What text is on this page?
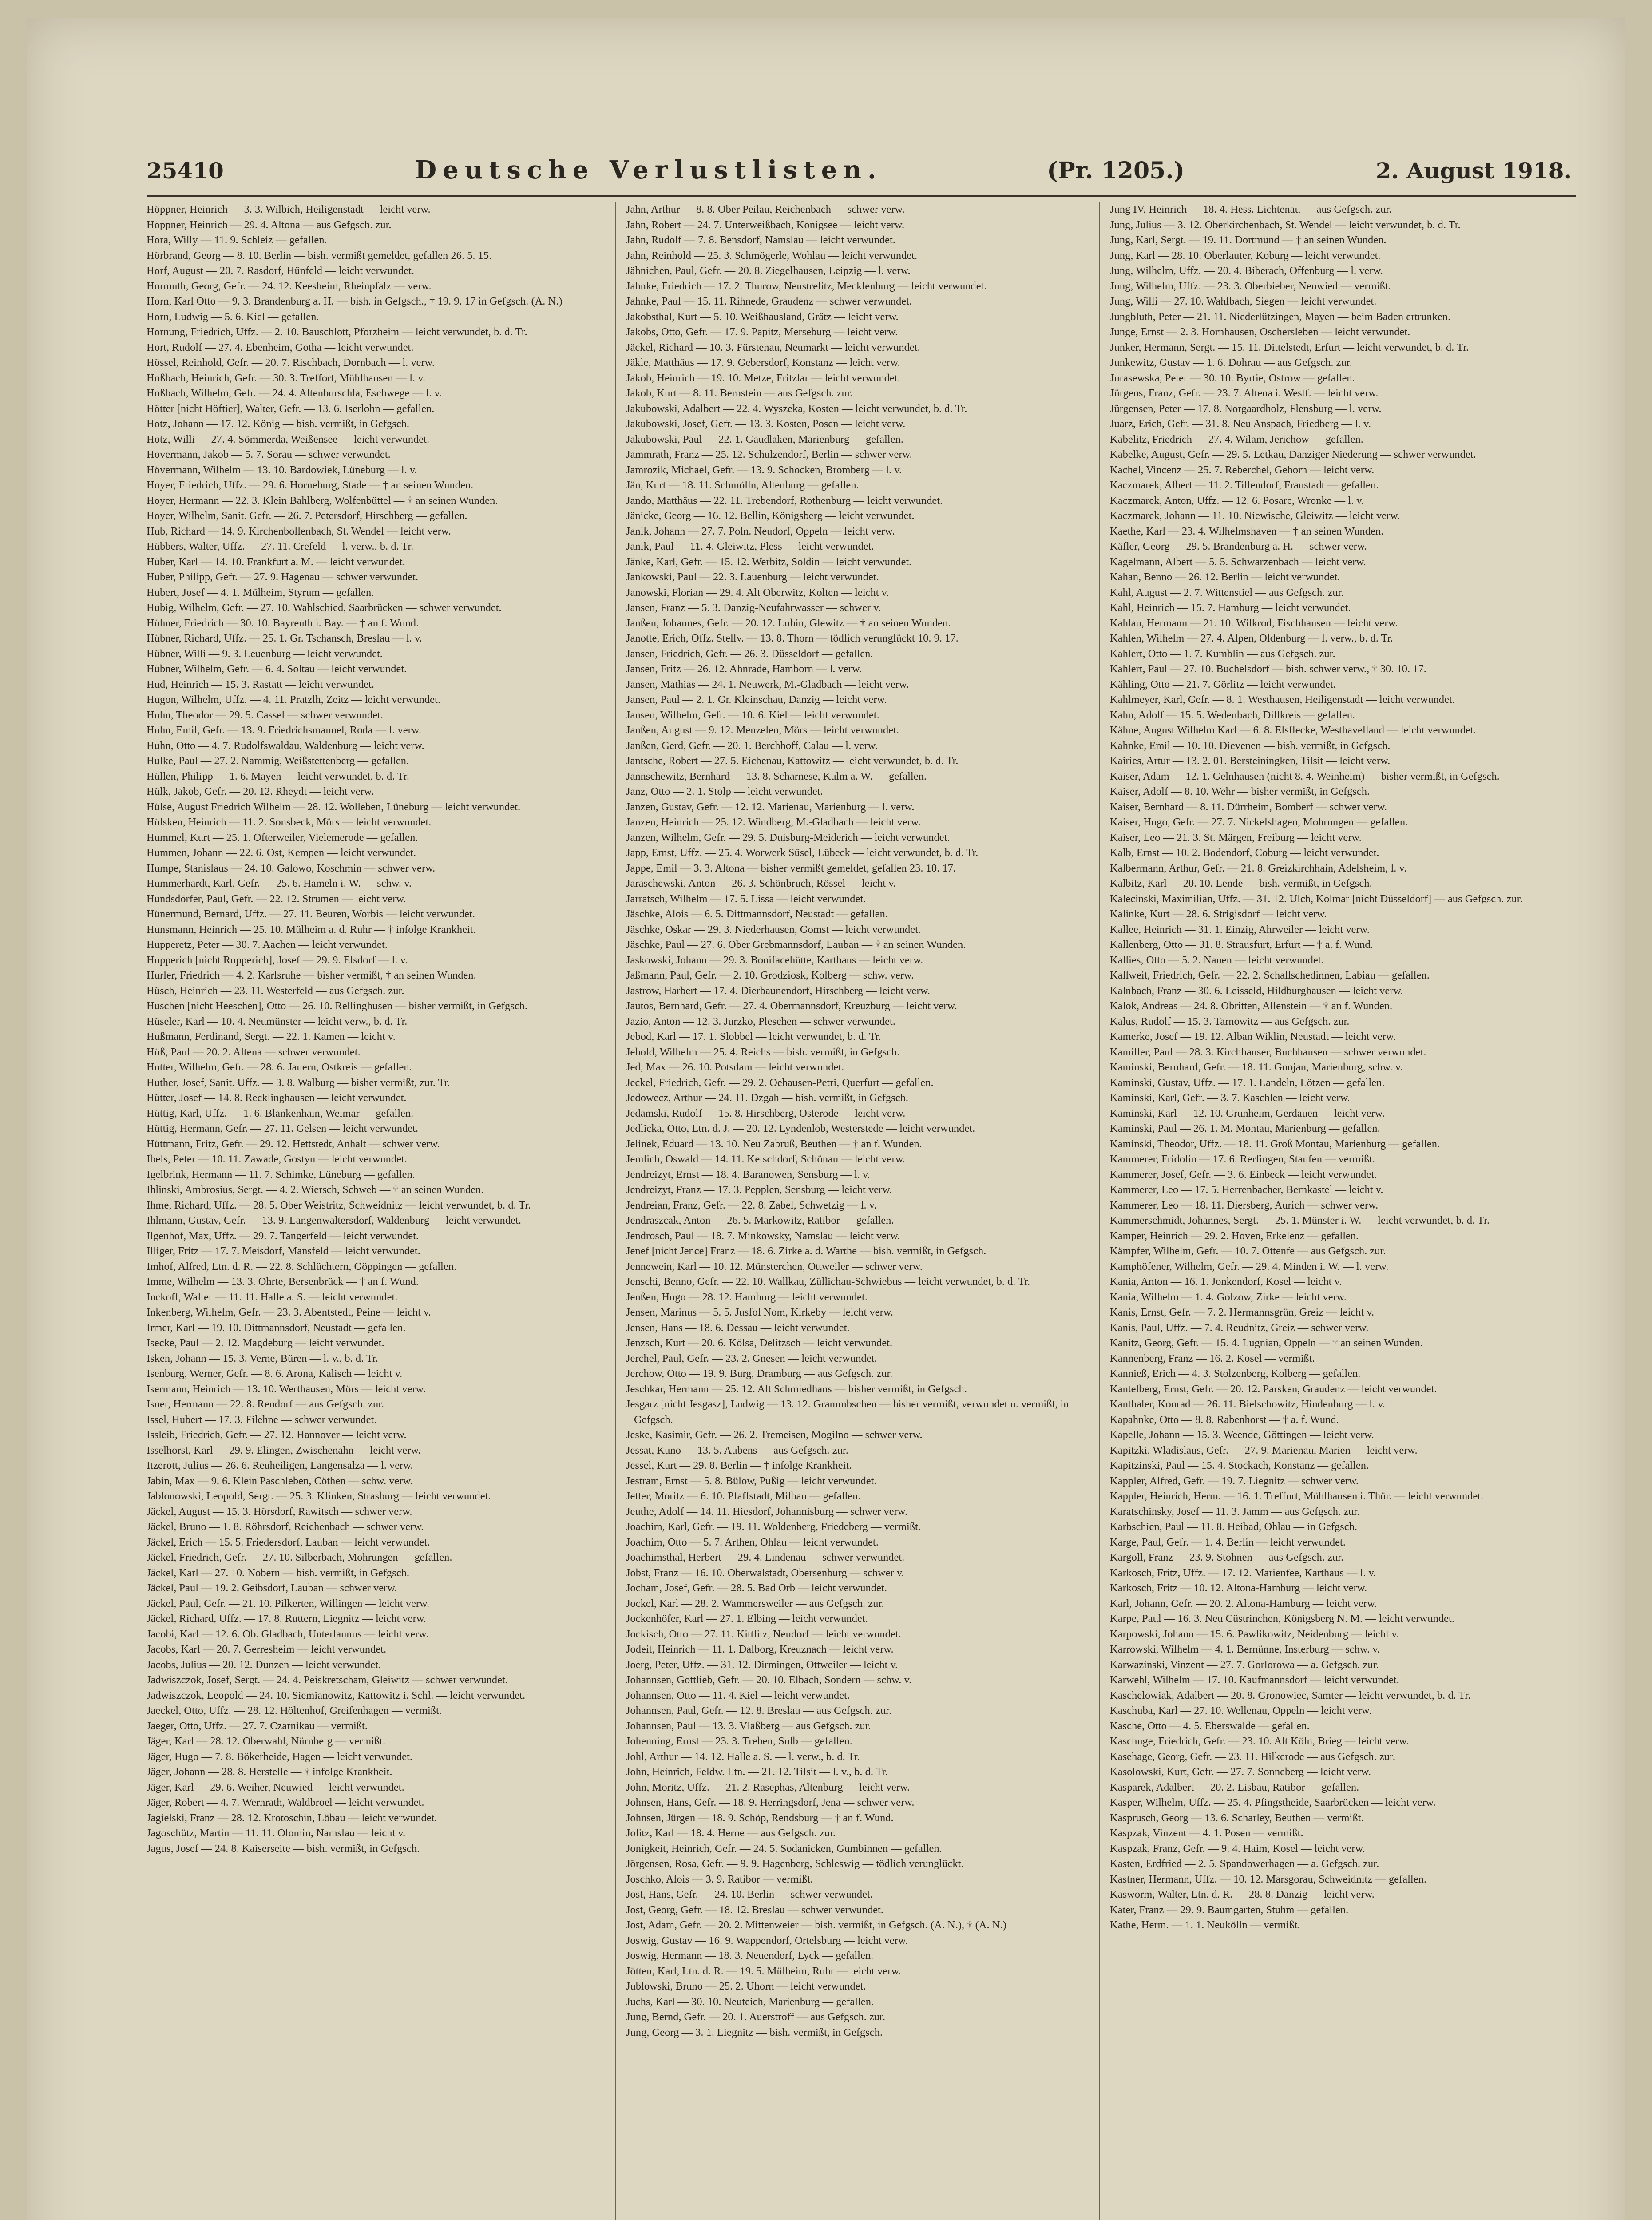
25410	Deutsche Verlustlisten.	(Pr. 1205.)	2. August 1918.
Höppner, Heinrich — 3. 3. Wilbich, Heiligenstadt — leicht verw.
Höppner, Heinrich — 29. 4. Altona — aus Gefgsch. zur.
Hora, Willy — 11. 9. Schleiz — gefallen.
Hörbrand, Georg — 8. 10. Berlin — bish. vermißt gemeldet, gefallen 26. 5. 15.
Horf, August — 20. 7. Rasdorf, Hünfeld — leicht verwundet.
Hormuth, Georg, Gefr. — 24. 12. Keesheim, Rheinpfalz — verw.
Horn, Karl Otto — 9. 3. Brandenburg a. H. — bish. in Gefgsch., † 19. 9. 17 in Gefgsch. (A. N.)
Horn, Ludwig — 5. 6. Kiel — gefallen.
Hornung, Friedrich, Uffz. — 2. 10. Bauschlott, Pforzheim — leicht verwundet, b. d. Tr.
Hort, Rudolf — 27. 4. Ebenheim, Gotha — leicht verwundet.
Hössel, Reinhold, Gefr. — 20. 7. Rischbach, Dornbach — l. verw.
Hoßbach, Heinrich, Gefr. — 30. 3. Treffort, Mühlhausen — l. v.
Hoßbach, Wilhelm, Gefr. — 24. 4. Altenburschla, Eschwege — l. v.
Hötter [nicht Höftier], Walter, Gefr. — 13. 6. Iserlohn — gefallen.
Hotz, Johann — 17. 12. König — bish. vermißt, in Gefgsch.
Hotz, Willi — 27. 4. Sömmerda, Weißensee — leicht verwundet.
Hovermann, Jakob — 5. 7. Sorau — schwer verwundet.
Hövermann, Wilhelm — 13. 10. Bardowiek, Lüneburg — l. v.
Hoyer, Friedrich, Uffz. — 29. 6. Horneburg, Stade — † an seinen Wunden.
Hoyer, Hermann — 22. 3. Klein Bahlberg, Wolfenbüttel — † an seinen Wunden.
Hoyer, Wilhelm, Sanit. Gefr. — 26. 7. Petersdorf, Hirschberg — gefallen.
Hub, Richard — 14. 9. Kirchenbollenbach, St. Wendel — leicht verw.
Hübbers, Walter, Uffz. — 27. 11. Crefeld — l. verw., b. d. Tr.
Hüber, Karl — 14. 10. Frankfurt a. M. — leicht verwundet.
Huber, Philipp, Gefr. — 27. 9. Hagenau — schwer verwundet.
Hubert, Josef — 4. 1. Mülheim, Styrum — gefallen.
Hubig, Wilhelm, Gefr. — 27. 10. Wahlschied, Saarbrücken — schwer verwundet.
Hühner, Friedrich — 30. 10. Bayreuth i. Bay. — † an f. Wund.
Hübner, Richard, Uffz. — 25. 1. Gr. Tschansch, Breslau — l. v.
Hübner, Willi — 9. 3. Leuenburg — leicht verwundet.
Hübner, Wilhelm, Gefr. — 6. 4. Soltau — leicht verwundet.
Hud, Heinrich — 15. 3. Rastatt — leicht verwundet.
Hugon, Wilhelm, Uffz. — 4. 11. Pratzlh, Zeitz — leicht verwundet.
Huhn, Theodor — 29. 5. Cassel — schwer verwundet.
Huhn, Emil, Gefr. — 13. 9. Friedrichsmannel, Roda — l. verw.
Huhn, Otto — 4. 7. Rudolfswaldau, Waldenburg — leicht verw.
Hulke, Paul — 27. 2. Nammig, Weißstettenberg — gefallen.
Hüllen, Philipp — 1. 6. Mayen — leicht verwundet, b. d. Tr.
Hülk, Jakob, Gefr. — 20. 12. Rheydt — leicht verw.
Hülse, August Friedrich Wilhelm — 28. 12. Wolleben, Lüneburg — leicht verwundet.
Hülsken, Heinrich — 11. 2. Sonsbeck, Mörs — leicht verwundet.
Hummel, Kurt — 25. 1. Ofterweiler, Vielemerode — gefallen.
Hummen, Johann — 22. 6. Ost, Kempen — leicht verwundet.
Humpe, Stanislaus — 24. 10. Galowo, Koschmin — schwer verw.
Hummerhardt, Karl, Gefr. — 25. 6. Hameln i. W. — schw. v.
Hundsdörfer, Paul, Gefr. — 22. 12. Strumen — leicht verw.
Hünermund, Bernard, Uffz. — 27. 11. Beuren, Worbis — leicht verwundet.
Hunsmann, Heinrich — 25. 10. Mülheim a. d. Ruhr — † infolge Krankheit.
Hupperetz, Peter — 30. 7. Aachen — leicht verwundet.
Hupperich [nicht Rupperich], Josef — 29. 9. Elsdorf — l. v.
Hurler, Friedrich — 4. 2. Karlsruhe — bisher vermißt, † an seinen Wunden.
Hüsch, Heinrich — 23. 11. Westerfeld — aus Gefgsch. zur.
Huschen [nicht Heeschen], Otto — 26. 10. Rellinghusen — bisher vermißt, in Gefgsch.
Hüseler, Karl — 10. 4. Neumünster — leicht verw., b. d. Tr.
Hußmann, Ferdinand, Sergt. — 22. 1. Kamen — leicht v.
Hüß, Paul — 20. 2. Altena — schwer verwundet.
Hutter, Wilhelm, Gefr. — 28. 6. Jauern, Ostkreis — gefallen.
Huther, Josef, Sanit. Uffz. — 3. 8. Walburg — bisher vermißt, zur. Tr.
Hütter, Josef — 14. 8. Recklinghausen — leicht verwundet.
Hüttig, Karl, Uffz. — 1. 6. Blankenhain, Weimar — gefallen.
Hüttig, Hermann, Gefr. — 27. 11. Gelsen — leicht verwundet.
Hüttmann, Fritz, Gefr. — 29. 12. Hettstedt, Anhalt — schwer verw.
Ibels, Peter — 10. 11. Zawade, Gostyn — leicht verwundet.
Igelbrink, Hermann — 11. 7. Schimke, Lüneburg — gefallen.
Ihlinski, Ambrosius, Sergt. — 4. 2. Wiersch, Schweb — † an seinen Wunden.
Ihme, Richard, Uffz. — 28. 5. Ober Weistritz, Schweidnitz — leicht verwundet, b. d. Tr.
Ihlmann, Gustav, Gefr. — 13. 9. Langenwaltersdorf, Waldenburg — leicht verwundet.
Ilgenhof, Max, Uffz. — 29. 7. Tangerfeld — leicht verwundet.
Illiger, Fritz — 17. 7. Meisdorf, Mansfeld — leicht verwundet.
Imhof, Alfred, Ltn. d. R. — 22. 8. Schlüchtern, Göppingen — gefallen.
Imme, Wilhelm — 13. 3. Ohrte, Bersenbrück — † an f. Wund.
Inckoff, Walter — 11. 11. Halle a. S. — leicht verwundet.
Inkenberg, Wilhelm, Gefr. — 23. 3. Abentstedt, Peine — leicht v.
Irmer, Karl — 19. 10. Dittmannsdorf, Neustadt — gefallen.
Isecke, Paul — 2. 12. Magdeburg — leicht verwundet.
Isken, Johann — 15. 3. Verne, Büren — l. v., b. d. Tr.
Isenburg, Werner, Gefr. — 8. 6. Arona, Kalisch — leicht v.
Isermann, Heinrich — 13. 10. Werthausen, Mörs — leicht verw.
Isner, Hermann — 22. 8. Rendorf — aus Gefgsch. zur.
Issel, Hubert — 17. 3. Filehne — schwer verwundet.
Issleib, Friedrich, Gefr. — 27. 12. Hannover — leicht verw.
Isselhorst, Karl — 29. 9. Elingen, Zwischenahn — leicht verw.
Itzerott, Julius — 26. 6. Reuheiligen, Langensalza — l. verw.
Jabin, Max — 9. 6. Klein Paschleben, Cöthen — schw. verw.
Jablonowski, Leopold, Sergt. — 25. 3. Klinken, Strasburg — leicht verwundet.
Jäckel, August — 15. 3. Hörsdorf, Rawitsch — schwer verw.
Jäckel, Bruno — 1. 8. Röhrsdorf, Reichenbach — schwer verw.
Jäckel, Erich — 15. 5. Friedersdorf, Lauban — leicht verwundet.
Jäckel, Friedrich, Gefr. — 27. 10. Silberbach, Mohrungen — gefallen.
Jäckel, Karl — 27. 10. Nobern — bish. vermißt, in Gefgsch.
Jäckel, Paul — 19. 2. Geibsdorf, Lauban — schwer verw.
Jäckel, Paul, Gefr. — 21. 10. Pilkerten, Willingen — leicht verw.
Jäckel, Richard, Uffz. — 17. 8. Ruttern, Liegnitz — leicht verw.
Jacobi, Karl — 12. 6. Ob. Gladbach, Unterlaunus — leicht verw.
Jacobs, Karl — 20. 7. Gerresheim — leicht verwundet.
Jacobs, Julius — 20. 12. Dunzen — leicht verwundet.
Jadwiszczok, Josef, Sergt. — 24. 4. Peiskretscham, Gleiwitz — schwer verwundet.
Jadwiszczok, Leopold — 24. 10. Siemianowitz, Kattowitz i. Schl. — leicht verwundet.
Jaeckel, Otto, Uffz. — 28. 12. Höltenhof, Greifenhagen — vermißt.
Jaeger, Otto, Uffz. — 27. 7. Czarnikau — vermißt.
Jäger, Karl — 28. 12. Oberwahl, Nürnberg — vermißt.
Jäger, Hugo — 7. 8. Bökerheide, Hagen — leicht verwundet.
Jäger, Johann — 28. 8. Herstelle — † infolge Krankheit.
Jäger, Karl — 29. 6. Weiher, Neuwied — leicht verwundet.
Jäger, Robert — 4. 7. Wernrath, Waldbroel — leicht verwundet.
Jagielski, Franz — 28. 12. Krotoschin, Löbau — leicht verwundet.
Jagoschütz, Martin — 11. 11. Olomin, Namslau — leicht v.
Jagus, Josef — 24. 8. Kaiserseite — bish. vermißt, in Gefgsch.
Jahn, Arthur — 8. 8. Ober Peilau, Reichenbach — schwer verw.
Jahn, Robert — 24. 7. Unterweißbach, Königsee — leicht verw.
Jahn, Rudolf — 7. 8. Bensdorf, Namslau — leicht verwundet.
Jahn, Reinhold — 25. 3. Schmögerle, Wohlau — leicht verwundet.
Jähnichen, Paul, Gefr. — 20. 8. Ziegelhausen, Leipzig — l. verw.
Jahnke, Friedrich — 17. 2. Thurow, Neustrelitz, Mecklenburg — leicht verwundet.
Jahnke, Paul — 15. 11. Rihnede, Graudenz — schwer verwundet.
Jakobsthal, Kurt — 5. 10. Weißhausland, Grätz — leicht verw.
Jakobs, Otto, Gefr. — 17. 9. Papitz, Merseburg — leicht verw.
Jäckel, Richard — 10. 3. Fürstenau, Neumarkt — leicht verwundet.
Jäkle, Matthäus — 17. 9. Gebersdorf, Konstanz — leicht verw.
Jakob, Heinrich — 19. 10. Metze, Fritzlar — leicht verwundet.
Jakob, Kurt — 8. 11. Bernstein — aus Gefgsch. zur.
Jakubowski, Adalbert — 22. 4. Wyszeka, Kosten — leicht verwundet, b. d. Tr.
Jakubowski, Josef, Gefr. — 13. 3. Kosten, Posen — leicht verw.
Jakubowski, Paul — 22. 1. Gaudlaken, Marienburg — gefallen.
Jammrath, Franz — 25. 12. Schulzendorf, Berlin — schwer verw.
Jamrozik, Michael, Gefr. — 13. 9. Schocken, Bromberg — l. v.
Jän, Kurt — 18. 11. Schmölln, Altenburg — gefallen.
Jando, Matthäus — 22. 11. Trebendorf, Rothenburg — leicht verwundet.
Jänicke, Georg — 16. 12. Bellin, Königsberg — leicht verwundet.
Janik, Johann — 27. 7. Poln. Neudorf, Oppeln — leicht verw.
Janik, Paul — 11. 4. Gleiwitz, Pless — leicht verwundet.
Jänke, Karl, Gefr. — 15. 12. Werbitz, Soldin — leicht verwundet.
Jankowski, Paul — 22. 3. Lauenburg — leicht verwundet.
Janowski, Florian — 29. 4. Alt Oberwitz, Kolten — leicht v.
Jansen, Franz — 5. 3. Danzig-Neufahrwasser — schwer v.
Janßen, Johannes, Gefr. — 20. 12. Lubin, Glewitz — † an seinen Wunden.
Janotte, Erich, Offz. Stellv. — 13. 8. Thorn — tödlich verunglückt 10. 9. 17.
Jansen, Friedrich, Gefr. — 26. 3. Düsseldorf — gefallen.
Jansen, Fritz — 26. 12. Ahnrade, Hamborn — l. verw.
Jansen, Mathias — 24. 1. Neuwerk, M.-Gladbach — leicht verw.
Jansen, Paul — 2. 1. Gr. Kleinschau, Danzig — leicht verw.
Jansen, Wilhelm, Gefr. — 10. 6. Kiel — leicht verwundet.
Janßen, August — 9. 12. Menzelen, Mörs — leicht verwundet.
Janßen, Gerd, Gefr. — 20. 1. Berchhoff, Calau — l. verw.
Jantsche, Robert — 27. 5. Eichenau, Kattowitz — leicht verwundet, b. d. Tr.
Jannschewitz, Bernhard — 13. 8. Scharnese, Kulm a. W. — gefallen.
Janz, Otto — 2. 1. Stolp — leicht verwundet.
Janzen, Gustav, Gefr. — 12. 12. Marienau, Marienburg — l. verw.
Janzen, Heinrich — 25. 12. Windberg, M.-Gladbach — leicht verw.
Janzen, Wilhelm, Gefr. — 29. 5. Duisburg-Meiderich — leicht verwundet.
Japp, Ernst, Uffz. — 25. 4. Worwerk Süsel, Lübeck — leicht verwundet, b. d. Tr.
Jappe, Emil — 3. 3. Altona — bisher vermißt gemeldet, gefallen 23. 10. 17.
Jaraschewski, Anton — 26. 3. Schönbruch, Rössel — leicht v.
Jarratsch, Wilhelm — 17. 5. Lissa — leicht verwundet.
Jäschke, Alois — 6. 5. Dittmannsdorf, Neustadt — gefallen.
Jäschke, Oskar — 29. 3. Niederhausen, Gomst — leicht verwundet.
Jäschke, Paul — 27. 6. Ober Grebmannsdorf, Lauban — † an seinen Wunden.
Jaskowski, Johann — 29. 3. Bonifacehütte, Karthaus — leicht verw.
Jaßmann, Paul, Gefr. — 2. 10. Grodziosk, Kolberg — schw. verw.
Jastrow, Harbert — 17. 4. Dierbaunendorf, Hirschberg — leicht verw.
Jautos, Bernhard, Gefr. — 27. 4. Obermannsdorf, Kreuzburg — leicht verw.
Jazio, Anton — 12. 3. Jurzko, Pleschen — schwer verwundet.
Jebod, Karl — 17. 1. Slobbel — leicht verwundet, b. d. Tr.
Jebold, Wilhelm — 25. 4. Reichs — bish. vermißt, in Gefgsch.
Jed, Max — 26. 10. Potsdam — leicht verwundet.
Jeckel, Friedrich, Gefr. — 29. 2. Oehausen-Petri, Querfurt — gefallen.
Jedowecz, Arthur — 24. 11. Dzgah — bish. vermißt, in Gefgsch.
Jedamski, Rudolf — 15. 8. Hirschberg, Osterode — leicht verw.
Jedlicka, Otto, Ltn. d. J. — 20. 12. Lyndenlob, Westerstede — leicht verwundet.
Jelinek, Eduard — 13. 10. Neu Zabruß, Beuthen — † an f. Wunden.
Jemlich, Oswald — 14. 11. Ketschdorf, Schönau — leicht verw.
Jendreizyt, Ernst — 18. 4. Baranowen, Sensburg — l. v.
Jendreizyt, Franz — 17. 3. Pepplen, Sensburg — leicht verw.
Jendreian, Franz, Gefr. — 22. 8. Zabel, Schwetzig — l. v.
Jendraszcak, Anton — 26. 5. Markowitz, Ratibor — gefallen.
Jendrosch, Paul — 18. 7. Minkowsky, Namslau — leicht verw.
Jenef [nicht Jence] Franz — 18. 6. Zirke a. d. Warthe — bish. vermißt, in Gefgsch.
Jennewein, Karl — 10. 12. Münsterchen, Ottweiler — schwer verw.
Jenschi, Benno, Gefr. — 22. 10. Wallkau, Züllichau-Schwiebus — leicht verwundet, b. d. Tr.
Jenßen, Hugo — 28. 12. Hamburg — leicht verwundet.
Jensen, Marinus — 5. 5. Jusfol Nom, Kirkeby — leicht verw.
Jensen, Hans — 18. 6. Dessau — leicht verwundet.
Jenzsch, Kurt — 20. 6. Kölsa, Delitzsch — leicht verwundet.
Jerchel, Paul, Gefr. — 23. 2. Gnesen — leicht verwundet.
Jerchow, Otto — 19. 9. Burg, Dramburg — aus Gefgsch. zur.
Jeschkar, Hermann — 25. 12. Alt Schmiedhans — bisher vermißt, in Gefgsch.
Jesgarz [nicht Jesgasz], Ludwig — 13. 12. Grammbschen — bisher vermißt, verwundet u. vermißt, in Gefgsch.
Jeske, Kasimir, Gefr. — 26. 2. Tremeisen, Mogilno — schwer verw.
Jessat, Kuno — 13. 5. Aubens — aus Gefgsch. zur.
Jessel, Kurt — 29. 8. Berlin — † infolge Krankheit.
Jestram, Ernst — 5. 8. Bülow, Pußig — leicht verwundet.
Jetter, Moritz — 6. 10. Pfaffstadt, Milbau — gefallen.
Jeuthe, Adolf — 14. 11. Hiesdorf, Johannisburg — schwer verw.
Joachim, Karl, Gefr. — 19. 11. Woldenberg, Friedeberg — vermißt.
Joachim, Otto — 5. 7. Arthen, Ohlau — leicht verwundet.
Joachimsthal, Herbert — 29. 4. Lindenau — schwer verwundet.
Jobst, Franz — 16. 10. Oberwalstadt, Obersenburg — schwer v.
Jocham, Josef, Gefr. — 28. 5. Bad Orb — leicht verwundet.
Jockel, Karl — 28. 2. Wammersweiler — aus Gefgsch. zur.
Jockenhöfer, Karl — 27. 1. Elbing — leicht verwundet.
Jockisch, Otto — 27. 11. Kittlitz, Neudorf — leicht verwundet.
Jodeit, Heinrich — 11. 1. Dalborg, Kreuznach — leicht verw.
Joerg, Peter, Uffz. — 31. 12. Dirmingen, Ottweiler — leicht v.
Johannsen, Gottlieb, Gefr. — 20. 10. Elbach, Sondern — schw. v.
Johannsen, Otto — 11. 4. Kiel — leicht verwundet.
Johannsen, Paul, Gefr. — 12. 8. Breslau — aus Gefgsch. zur.
Johannsen, Paul — 13. 3. Vlaßberg — aus Gefgsch. zur.
Johenning, Ernst — 23. 3. Treben, Sulb — gefallen.
Johl, Arthur — 14. 12. Halle a. S. — l. verw., b. d. Tr.
John, Heinrich, Feldw. Ltn. — 21. 12. Tilsit — l. v., b. d. Tr.
John, Moritz, Uffz. — 21. 2. Rasephas, Altenburg — leicht verw.
Johnsen, Hans, Gefr. — 18. 9. Herringsdorf, Jena — schwer verw.
Johnsen, Jürgen — 18. 9. Schöp, Rendsburg — † an f. Wund.
Jolitz, Karl — 18. 4. Herne — aus Gefgsch. zur.
Jonigkeit, Heinrich, Gefr. — 24. 5. Sodanicken, Gumbinnen — gefallen.
Jörgensen, Rosa, Gefr. — 9. 9. Hagenberg, Schleswig — tödlich verunglückt.
Joschko, Alois — 3. 9. Ratibor — vermißt.
Jost, Hans, Gefr. — 24. 10. Berlin — schwer verwundet.
Jost, Georg, Gefr. — 18. 12. Breslau — schwer verwundet.
Jost, Adam, Gefr. — 20. 2. Mittenweier — bish. vermißt, in Gefgsch. (A. N.), † (A. N.)
Joswig, Gustav — 16. 9. Wappendorf, Ortelsburg — leicht verw.
Joswig, Hermann — 18. 3. Neuendorf, Lyck — gefallen.
Jötten, Karl, Ltn. d. R. — 19. 5. Mülheim, Ruhr — leicht verw.
Jublowski, Bruno — 25. 2. Uhorn — leicht verwundet.
Juchs, Karl — 30. 10. Neuteich, Marienburg — gefallen.
Jung, Bernd, Gefr. — 20. 1. Auerstroff — aus Gefgsch. zur.
Jung, Georg — 3. 1. Liegnitz — bish. vermißt, in Gefgsch.
Jung IV, Heinrich — 18. 4. Hess. Lichtenau — aus Gefgsch. zur.
Jung, Julius — 3. 12. Oberkirchenbach, St. Wendel — leicht verwundet, b. d. Tr.
Jung, Karl, Sergt. — 19. 11. Dortmund — † an seinen Wunden.
Jung, Karl — 28. 10. Oberlauter, Koburg — leicht verwundet.
Jung, Wilhelm, Uffz. — 20. 4. Biberach, Offenburg — l. verw.
Jung, Wilhelm, Uffz. — 23. 3. Oberbieber, Neuwied — vermißt.
Jung, Willi — 27. 10. Wahlbach, Siegen — leicht verwundet.
Jungbluth, Peter — 21. 11. Niederlützingen, Mayen — beim Baden ertrunken.
Junge, Ernst — 2. 3. Hornhausen, Oschersleben — leicht verwundet.
Junker, Hermann, Sergt. — 15. 11. Dittelstedt, Erfurt — leicht verwundet, b. d. Tr.
Junkewitz, Gustav — 1. 6. Dohrau — aus Gefgsch. zur.
Jurasewska, Peter — 30. 10. Byrtie, Ostrow — gefallen.
Jürgens, Franz, Gefr. — 23. 7. Altena i. Westf. — leicht verw.
Jürgensen, Peter — 17. 8. Norgaardholz, Flensburg — l. verw.
Juarz, Erich, Gefr. — 31. 8. Neu Anspach, Friedberg — l. v.
Kabelitz, Friedrich — 27. 4. Wilam, Jerichow — gefallen.
Kabelke, August, Gefr. — 29. 5. Letkau, Danziger Niederung — schwer verwundet.
Kachel, Vincenz — 25. 7. Reberchel, Gehorn — leicht verw.
Kaczmarek, Albert — 11. 2. Tillendorf, Fraustadt — gefallen.
Kaczmarek, Anton, Uffz. — 12. 6. Posare, Wronke — l. v.
Kaczmarek, Johann — 11. 10. Niewische, Gleiwitz — leicht verw.
Kaethe, Karl — 23. 4. Wilhelmshaven — † an seinen Wunden.
Käfler, Georg — 29. 5. Brandenburg a. H. — schwer verw.
Kagelmann, Albert — 5. 5. Schwarzenbach — leicht verw.
Kahan, Benno — 26. 12. Berlin — leicht verwundet.
Kahl, August — 2. 7. Wittenstiel — aus Gefgsch. zur.
Kahl, Heinrich — 15. 7. Hamburg — leicht verwundet.
Kahlau, Hermann — 21. 10. Wilkrod, Fischhausen — leicht verw.
Kahlen, Wilhelm — 27. 4. Alpen, Oldenburg — l. verw., b. d. Tr.
Kahlert, Otto — 1. 7. Kumblin — aus Gefgsch. zur.
Kahlert, Paul — 27. 10. Buchelsdorf — bish. schwer verw., † 30. 10. 17.
Kähling, Otto — 21. 7. Görlitz — leicht verwundet.
Kahlmeyer, Karl, Gefr. — 8. 1. Westhausen, Heiligenstadt — leicht verwundet.
Kahn, Adolf — 15. 5. Wedenbach, Dillkreis — gefallen.
Kähne, August Wilhelm Karl — 6. 8. Elsflecke, Westhavelland — leicht verwundet.
Kahnke, Emil — 10. 10. Dievenen — bish. vermißt, in Gefgsch.
Kairies, Artur — 13. 2. 01. Bersteiningken, Tilsit — leicht verw.
Kaiser, Adam — 12. 1. Gelnhausen (nicht 8. 4. Weinheim) — bisher vermißt, in Gefgsch.
Kaiser, Adolf — 8. 10. Wehr — bisher vermißt, in Gefgsch.
Kaiser, Bernhard — 8. 11. Dürrheim, Bomberf — schwer verw.
Kaiser, Hugo, Gefr. — 27. 7. Nickelshagen, Mohrungen — gefallen.
Kaiser, Leo — 21. 3. St. Märgen, Freiburg — leicht verw.
Kalb, Ernst — 10. 2. Bodendorf, Coburg — leicht verwundet.
Kalbermann, Arthur, Gefr. — 21. 8. Greizkirchhain, Adelsheim, l. v.
Kalbitz, Karl — 20. 10. Lende — bish. vermißt, in Gefgsch.
Kalecinski, Maximilian, Uffz. — 31. 12. Ulch, Kolmar [nicht Düsseldorf] — aus Gefgsch. zur.
Kalinke, Kurt — 28. 6. Strigisdorf — leicht verw.
Kallee, Heinrich — 31. 1. Einzig, Ahrweiler — leicht verw.
Kallenberg, Otto — 31. 8. Strausfurt, Erfurt — † a. f. Wund.
Kallies, Otto — 5. 2. Nauen — leicht verwundet.
Kallweit, Friedrich, Gefr. — 22. 2. Schallschedinnen, Labiau — gefallen.
Kalnbach, Franz — 30. 6. Leisseld, Hildburghausen — leicht verw.
Kalok, Andreas — 24. 8. Obritten, Allenstein — † an f. Wunden.
Kalus, Rudolf — 15. 3. Tarnowitz — aus Gefgsch. zur.
Kamerke, Josef — 19. 12. Alban Wiklin, Neustadt — leicht verw.
Kamiller, Paul — 28. 3. Kirchhauser, Buchhausen — schwer verwundet.
Kaminski, Bernhard, Gefr. — 18. 11. Gnojan, Marienburg, schw. v.
Kaminski, Gustav, Uffz. — 17. 1. Landeln, Lötzen — gefallen.
Kaminski, Karl, Gefr. — 3. 7. Kaschlen — leicht verw.
Kaminski, Karl — 12. 10. Grunheim, Gerdauen — leicht verw.
Kaminski, Paul — 26. 1. M. Montau, Marienburg — gefallen.
Kaminski, Theodor, Uffz. — 18. 11. Groß Montau, Marienburg — gefallen.
Kammerer, Fridolin — 17. 6. Rerfingen, Staufen — vermißt.
Kammerer, Josef, Gefr. — 3. 6. Einbeck — leicht verwundet.
Kammerer, Leo — 17. 5. Herrenbacher, Bernkastel — leicht v.
Kammerer, Leo — 18. 11. Diersberg, Aurich — schwer verw.
Kammerschmidt, Johannes, Sergt. — 25. 1. Münster i. W. — leicht verwundet, b. d. Tr.
Kamper, Heinrich — 29. 2. Hoven, Erkelenz — gefallen.
Kämpfer, Wilhelm, Gefr. — 10. 7. Ottenfe — aus Gefgsch. zur.
Kamphöfener, Wilhelm, Gefr. — 29. 4. Minden i. W. — l. verw.
Kania, Anton — 16. 1. Jonkendorf, Kosel — leicht v.
Kania, Wilhelm — 1. 4. Golzow, Zirke — leicht verw.
Kanis, Ernst, Gefr. — 7. 2. Hermannsgrün, Greiz — leicht v.
Kanis, Paul, Uffz. — 7. 4. Reudnitz, Greiz — schwer verw.
Kanitz, Georg, Gefr. — 15. 4. Lugnian, Oppeln — † an seinen Wunden.
Kannenberg, Franz — 16. 2. Kosel — vermißt.
Kannieß, Erich — 4. 3. Stolzenberg, Kolberg — gefallen.
Kantelberg, Ernst, Gefr. — 20. 12. Parsken, Graudenz — leicht verwundet.
Kanthaler, Konrad — 26. 11. Bielschowitz, Hindenburg — l. v.
Kapahnke, Otto — 8. 8. Rabenhorst — † a. f. Wund.
Kapelle, Johann — 15. 3. Weende, Göttingen — leicht verw.
Kapitzki, Wladislaus, Gefr. — 27. 9. Marienau, Marien — leicht verw.
Kapitzinski, Paul — 15. 4. Stockach, Konstanz — gefallen.
Kappler, Alfred, Gefr. — 19. 7. Liegnitz — schwer verw.
Kappler, Heinrich, Herm. — 16. 1. Treffurt, Mühlhausen i. Thür. — leicht verwundet.
Karatschinsky, Josef — 11. 3. Jamm — aus Gefgsch. zur.
Karbschien, Paul — 11. 8. Heibad, Ohlau — in Gefgsch.
Karge, Paul, Gefr. — 1. 4. Berlin — leicht verwundet.
Kargoll, Franz — 23. 9. Stohnen — aus Gefgsch. zur.
Karkosch, Fritz, Uffz. — 17. 12. Marienfee, Karthaus — l. v.
Karkosch, Fritz — 10. 12. Altona-Hamburg — leicht verw.
Karl, Johann, Gefr. — 20. 2. Altona-Hamburg — leicht verw.
Karpe, Paul — 16. 3. Neu Cüstrinchen, Königsberg N. M. — leicht verwundet.
Karpowski, Johann — 15. 6. Pawlikowitz, Neidenburg — leicht v.
Karrowski, Wilhelm — 4. 1. Bernünne, Insterburg — schw. v.
Karwazinski, Vinzent — 27. 7. Gorlorowa — a. Gefgsch. zur.
Karwehl, Wilhelm — 17. 10. Kaufmannsdorf — leicht verwundet.
Kaschelowiak, Adalbert — 20. 8. Gronowiec, Samter — leicht verwundet, b. d. Tr.
Kaschuba, Karl — 27. 10. Wellenau, Oppeln — leicht verw.
Kasche, Otto — 4. 5. Eberswalde — gefallen.
Kaschuge, Friedrich, Gefr. — 23. 10. Alt Köln, Brieg — leicht verw.
Kasehage, Georg, Gefr. — 23. 11. Hilkerode — aus Gefgsch. zur.
Kasolowski, Kurt, Gefr. — 27. 7. Sonneberg — leicht verw.
Kasparek, Adalbert — 20. 2. Lisbau, Ratibor — gefallen.
Kasper, Wilhelm, Uffz. — 25. 4. Pfingstheide, Saarbrücken — leicht verw.
Kasprusch, Georg — 13. 6. Scharley, Beuthen — vermißt.
Kaspzak, Vinzent — 4. 1. Posen — vermißt.
Kaspzak, Franz, Gefr. — 9. 4. Haim, Kosel — leicht verw.
Kasten, Erdfried — 2. 5. Spandowerhagen — a. Gefgsch. zur.
Kastner, Hermann, Uffz. — 10. 12. Marsgorau, Schweidnitz — gefallen.
Kasworm, Walter, Ltn. d. R. — 28. 8. Danzig — leicht verw.
Kater, Franz — 29. 9. Baumgarten, Stuhm — gefallen.
Kathe, Herm. — 1. 1. Neukölln — vermißt.
